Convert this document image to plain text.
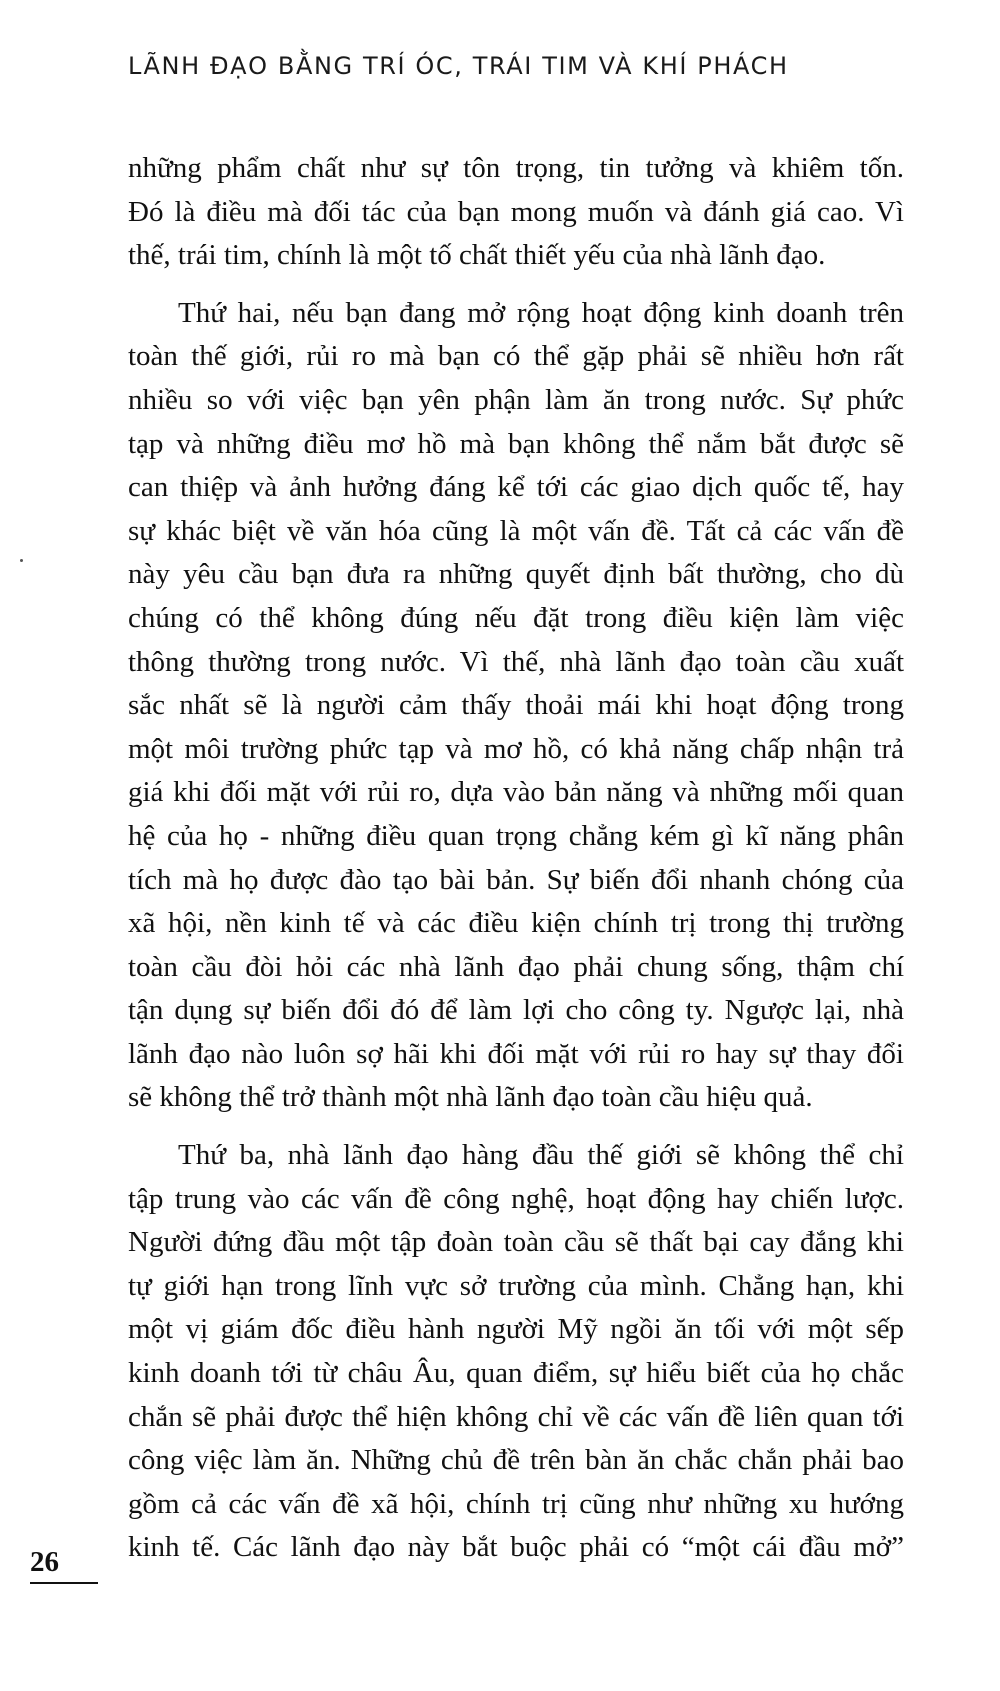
LÃNH ĐẠO BẰNG TRÍ ÓC, TRÁI TIM VÀ KHÍ PHÁCH

những phẩm chất như sự tôn trọng, tin tưởng và khiêm tốn.
Đó là điều mà đối tác của bạn mong muốn và đánh giá cao. Vì
thế, trái tim, chính là một tố chất thiết yếu của nhà lãnh đạo.

Thứ hai, nếu bạn đang mở rộng hoạt động kinh doanh trên
toàn thế giới, rủi ro mà bạn có thể gặp phải sẽ nhiều hơn rất
nhiều so với việc bạn yên phận làm ăn trong nước. Sự phức
tạp và những điều mơ hồ mà bạn không thể nắm bắt được sẽ
can thiệp và ảnh hưởng đáng kể tới các giao dịch quốc tế, hay
sự khác biệt về văn hóa cũng là một vấn đề. Tất cả các vấn đề
này yêu cầu bạn đưa ra những quyết định bất thường, cho dù
chúng có thể không đúng nếu đặt trong điều kiện làm việc
thông thường trong nước. Vì thế, nhà lãnh đạo toàn cầu xuất
sắc nhất sẽ là người cảm thấy thoải mái khi hoạt động trong
một môi trường phức tạp và mơ hồ, có khả năng chấp nhận trả
giá khi đối mặt với rủi ro, dựa vào bản năng và những mối quan
hệ của họ - những điều quan trọng chẳng kém gì kĩ năng phân
tích mà họ được đào tạo bài bản. Sự biến đổi nhanh chóng của
xã hội, nền kinh tế và các điều kiện chính trị trong thị trường
toàn cầu đòi hỏi các nhà lãnh đạo phải chung sống, thậm chí
tận dụng sự biến đổi đó để làm lợi cho công ty. Ngược lại, nhà
lãnh đạo nào luôn sợ hãi khi đối mặt với rủi ro hay sự thay đổi
sẽ không thể trở thành một nhà lãnh đạo toàn cầu hiệu quả.

Thứ ba, nhà lãnh đạo hàng đầu thế giới sẽ không thể chỉ
tập trung vào các vấn đề công nghệ, hoạt động hay chiến lược.
Người đứng đầu một tập đoàn toàn cầu sẽ thất bại cay đắng khi
tự giới hạn trong lĩnh vực sở trường của mình. Chẳng hạn, khi
một vị giám đốc điều hành người Mỹ ngồi ăn tối với một sếp
kinh doanh tới từ châu Âu, quan điểm, sự hiểu biết của họ chắc
chắn sẽ phải được thể hiện không chỉ về các vấn đề liên quan tới
công việc làm ăn. Những chủ đề trên bàn ăn chắc chắn phải bao
gồm cả các vấn đề xã hội, chính trị cũng như những xu hướng
kinh tế. Các lãnh đạo này bắt buộc phải có “một cái đầu mở”

26
